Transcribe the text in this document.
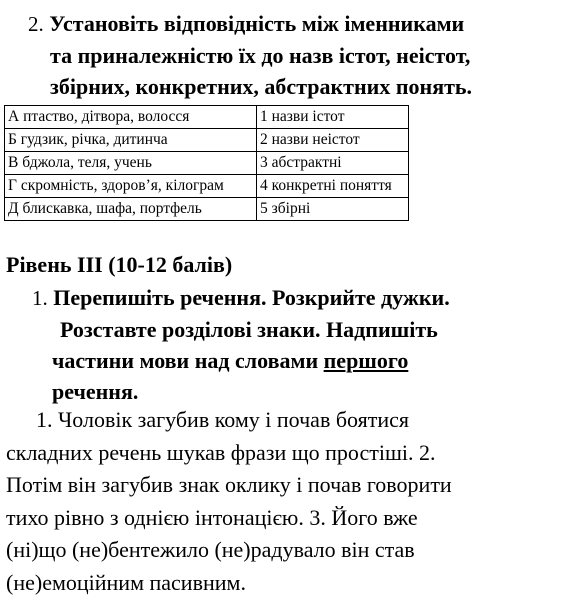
2. Установіть відповідність між іменниками
та приналежністю їх до назв істот, неістот,
збірних, конкретних, абстрактних понять.
А птаство, дітвора, волосся	1 назви істот
Б гудзик, річка, дитинча	2 назви неістот
В бджола, теля, учень	3 абстрактні
Г скромність, здоров’я, кілограм	4 конкретні поняття
Д блискавка, шафа, портфель	5 збірні
Рівень ІІІ (10-12 балів)
1. Перепишіть речення. Розкрийте дужки.
Розставте розділові знаки. Надпишіть
частини мови над словами першого
речення.
1. Чоловік загубив кому і почав боятися
складних речень шукав фрази що простіші. 2.
Потім він загубив знак оклику і почав говорити
тихо рівно з однією інтонацією. 3. Його вже
(ні)що (не)бентежило (не)радувало він став
(не)емоційним пасивним.
